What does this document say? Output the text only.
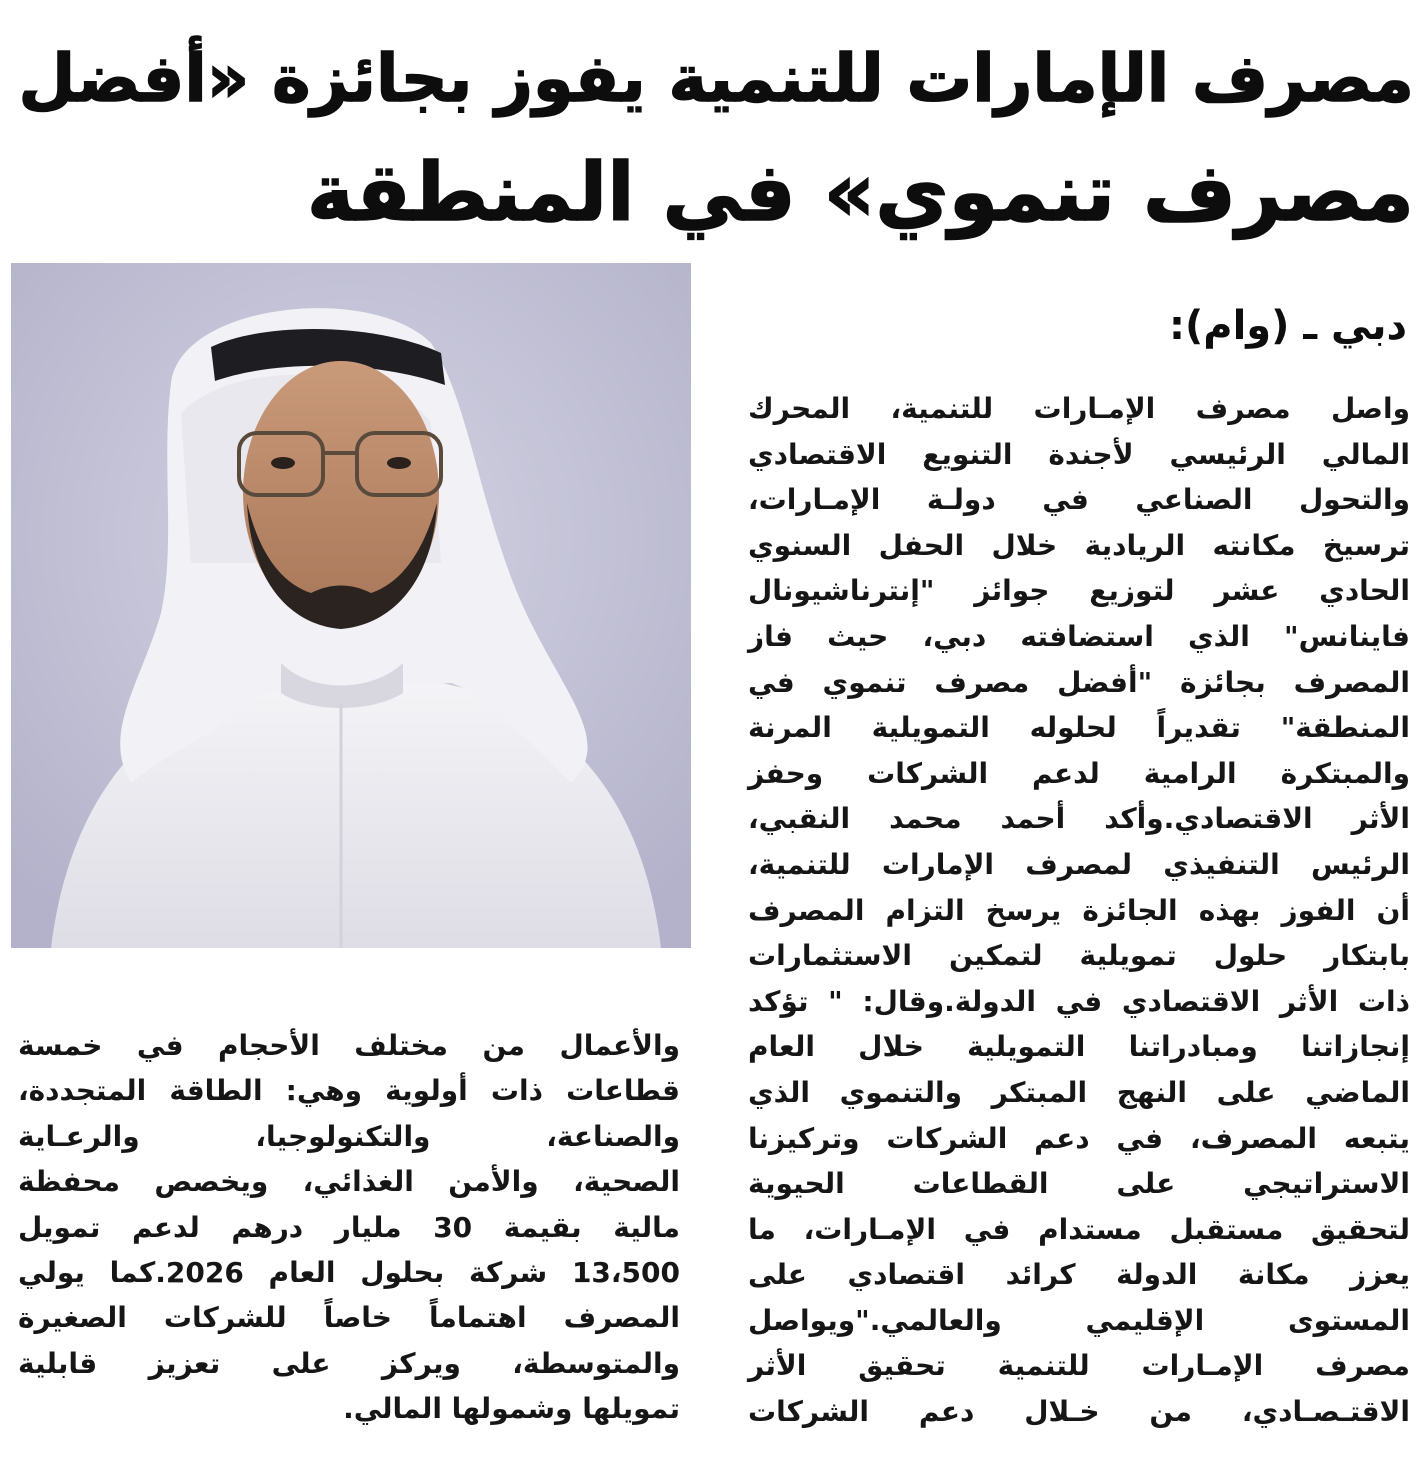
مصرف الإمارات للتنمية يفوز بجائزة «أفضل
مصرف تنموي» في المنطقة
دبي ـ (وام):
واصل مصرف الإمـارات للتنمية، المحرك
المالي الرئيسي لأجندة التنويع الاقتصادي
والتحول الصناعي في دولـة الإمـارات،
ترسيخ مكانته الريادية خلال الحفل السنوي
الحادي عشر لتوزيع جوائز "إنترناشيونال
فاينانس" الذي استضافته دبي، حيث فاز
المصرف بجائزة "أفضل مصرف تنموي في
المنطقة" تقديراً لحلوله التمويلية المرنة
والمبتكرة الرامية لدعم الشركات وحفز
الأثر الاقتصادي.وأكد أحمد محمد النقبي،
الرئيس التنفيذي لمصرف الإمارات للتنمية،
أن الفوز بهذه الجائزة يرسخ التزام المصرف
بابتكار حلول تمويلية لتمكين الاستثمارات
ذات الأثر الاقتصادي في الدولة.وقال: " تؤكد
إنجازاتنا ومبادراتنا التمويلية خلال العام
الماضي على النهج المبتكر والتنموي الذي
يتبعه المصرف، في دعم الشركات وتركيزنا
الاستراتيجي على القطاعات الحيوية
لتحقيق مستقبل مستدام في الإمـارات، ما
يعزز مكانة الدولة كرائد اقتصادي على
المستوى الإقليمي والعالمي."ويواصل
مصرف الإمـارات للتنمية تحقيق الأثر
الاقتـصـادي، من خـلال دعم الشركات
والأعمال من مختلف الأحجام في خمسة
قطاعات ذات أولوية وهي: الطاقة المتجددة،
والصناعة، والتكنولوجيا، والرعـاية
الصحية، والأمن الغذائي، ويخصص محفظة
مالية بقيمة 30 مليار درهم لدعم تمويل
13،500 شركة بحلول العام 2026.كما يولي
المصرف اهتماماً خاصاً للشركات الصغيرة
والمتوسطة، ويركز على تعزيز قابلية
تمويلها وشمولها المالي.
